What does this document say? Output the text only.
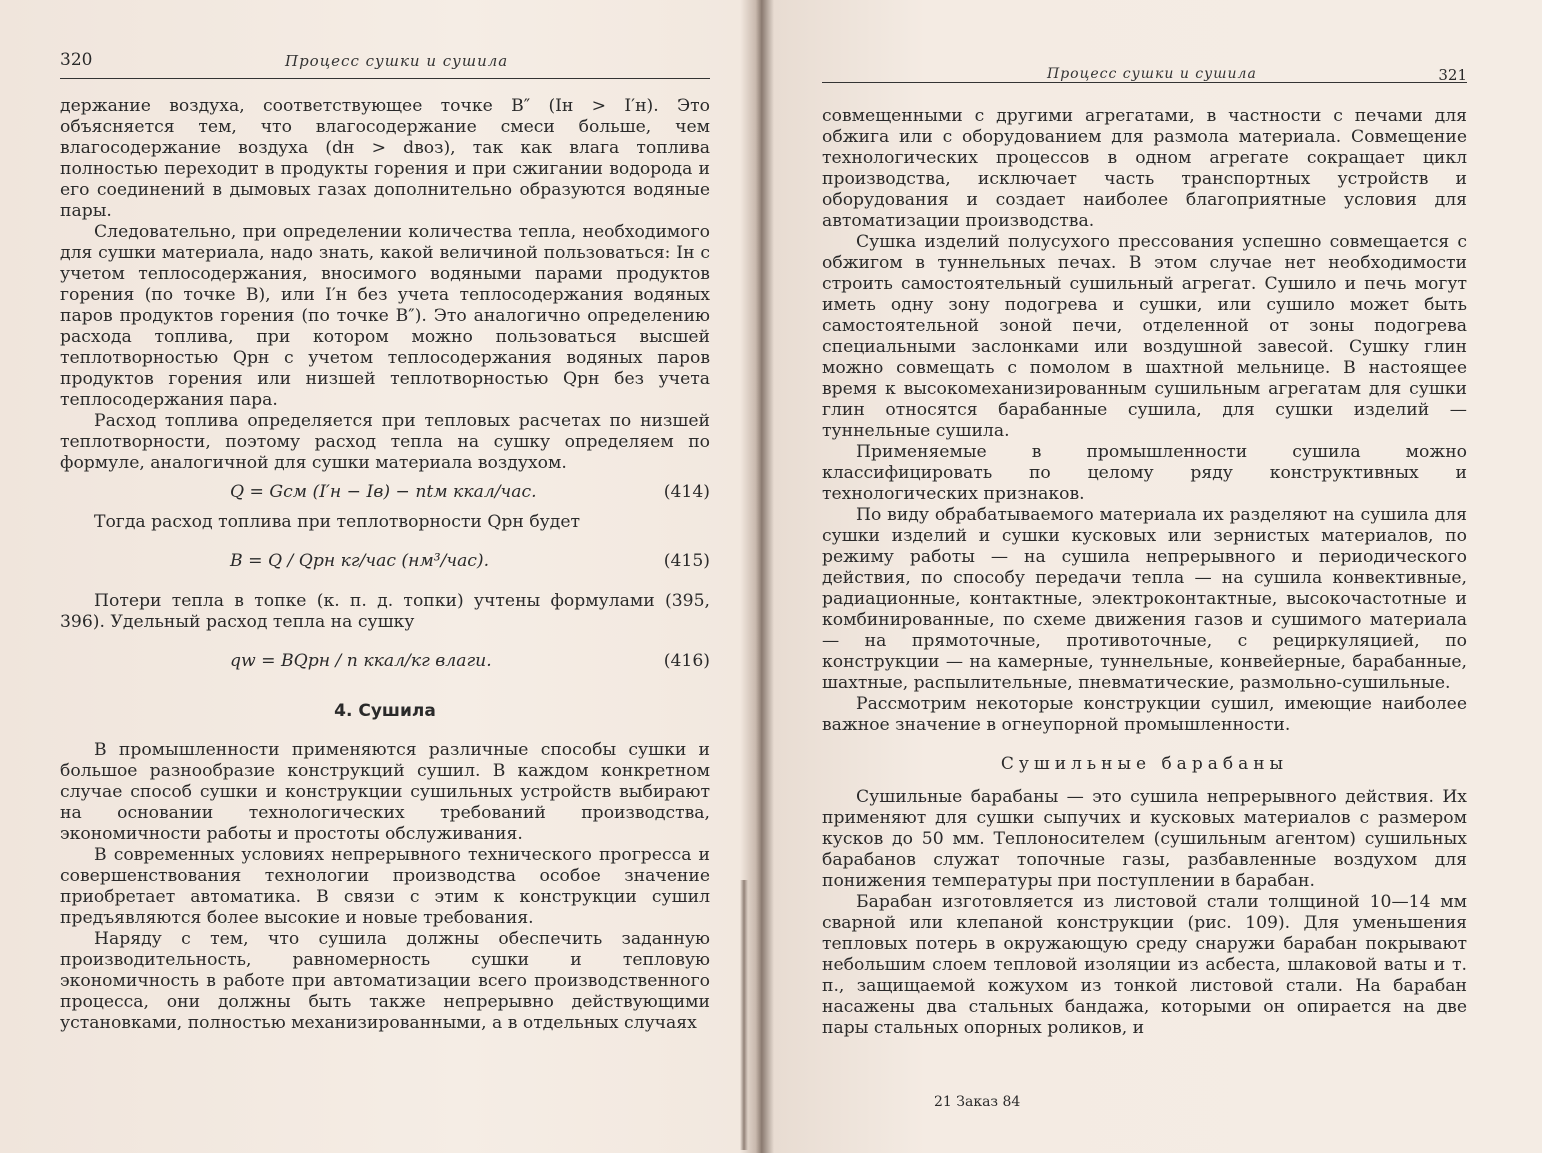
320	Процесс сушки и сушила

держание воздуха, соответствующее точке B″ (Iн > I′н). Это объясняется тем, что влагосодержание смеси больше, чем влагосодержание воздуха (dн > dвоз), так как влага топлива полностью переходит в продукты горения и при сжигании водорода и его соединений в дымовых газах дополнительно образуются водяные пары.

Следовательно, при определении количества тепла, необходимого для сушки материала, надо знать, какой величиной пользоваться: Iн с учетом теплосодержания, вносимого водяными парами продуктов горения (по точке B), или I′н без учета теплосодержания водяных паров продуктов горения (по точке B″). Это аналогично определению расхода топлива, при котором можно пользоваться высшей теплотворностью Qрн с учетом теплосодержания водяных паров продуктов горения или низшей теплотворностью Qрн без учета теплосодержания пара.

Расход топлива определяется при тепловых расчетах по низшей теплотворности, поэтому расход тепла на сушку определяем по формуле, аналогичной для сушки материала воздухом.

Q = Gсм (I′н − Iв) − ntм ккал/час.	(414)

Тогда расход топлива при теплотворности Qрн будет

B = Q / Qрн кг/час (нм³/час).	(415)

Потери тепла в топке (к. п. д. топки) учтены формулами (395, 396). Удельный расход тепла на сушку

qw = BQрн / n ккал/кг влаги.	(416)
4. Сушила

В промышленности применяются различные способы сушки и большое разнообразие конструкций сушил. В каждом конкретном случае способ сушки и конструкции сушильных устройств выбирают на основании технологических требований производства, экономичности работы и простоты обслуживания.

В современных условиях непрерывного технического прогресса и совершенствования технологии производства особое значение приобретает автоматика. В связи с этим к конструкции сушил предъявляются более высокие и новые требования.

Наряду с тем, что сушила должны обеспечить заданную производительность, равномерность сушки и тепловую экономичность в работе при автоматизации всего производственного процесса, они должны быть также непрерывно действующими установками, полностью механизированными, а в отдельных случаях

Процесс сушки и сушила	321

совмещенными с другими агрегатами, в частности с печами для обжига или с оборудованием для размола материала. Совмещение технологических процессов в одном агрегате сокращает цикл производства, исключает часть транспортных устройств и оборудования и создает наиболее благоприятные условия для автоматизации производства.

Сушка изделий полусухого прессования успешно совмещается с обжигом в туннельных печах. В этом случае нет необходимости строить самостоятельный сушильный агрегат. Сушило и печь могут иметь одну зону подогрева и сушки, или сушило может быть самостоятельной зоной печи, отделенной от зоны подогрева специальными заслонками или воздушной завесой. Сушку глин можно совмещать с помолом в шахтной мельнице. В настоящее время к высокомеханизированным сушильным агрегатам для сушки глин относятся барабанные сушила, для сушки изделий — туннельные сушила.

Применяемые в промышленности сушила можно классифицировать по целому ряду конструктивных и технологических признаков.

По виду обрабатываемого материала их разделяют на сушила для сушки изделий и сушки кусковых или зернистых материалов, по режиму работы — на сушила непрерывного и периодического действия, по способу передачи тепла — на сушила конвективные, радиационные, контактные, электроконтактные, высокочастотные и комбинированные, по схеме движения газов и сушимого материала — на прямоточные, противоточные, с рециркуляцией, по конструкции — на камерные, туннельные, конвейерные, барабанные, шахтные, распылительные, пневматические, размольно-сушильные.

Рассмотрим некоторые конструкции сушил, имеющие наиболее важное значение в огнеупорной промышленности.

Сушильные барабаны

Сушильные барабаны — это сушила непрерывного действия. Их применяют для сушки сыпучих и кусковых материалов с размером кусков до 50 мм. Теплоносителем (сушильным агентом) сушильных барабанов служат топочные газы, разбавленные воздухом для понижения температуры при поступлении в барабан.

Барабан изготовляется из листовой стали толщиной 10—14 мм сварной или клепаной конструкции (рис. 109). Для уменьшения тепловых потерь в окружающую среду снаружи барабан покрывают небольшим слоем тепловой изоляции из асбеста, шлаковой ваты и т. п., защищаемой кожухом из тонкой листовой стали. На барабан насажены два стальных бандажа, которыми он опирается на две пары стальных опорных роликов, и

21 Заказ 84
